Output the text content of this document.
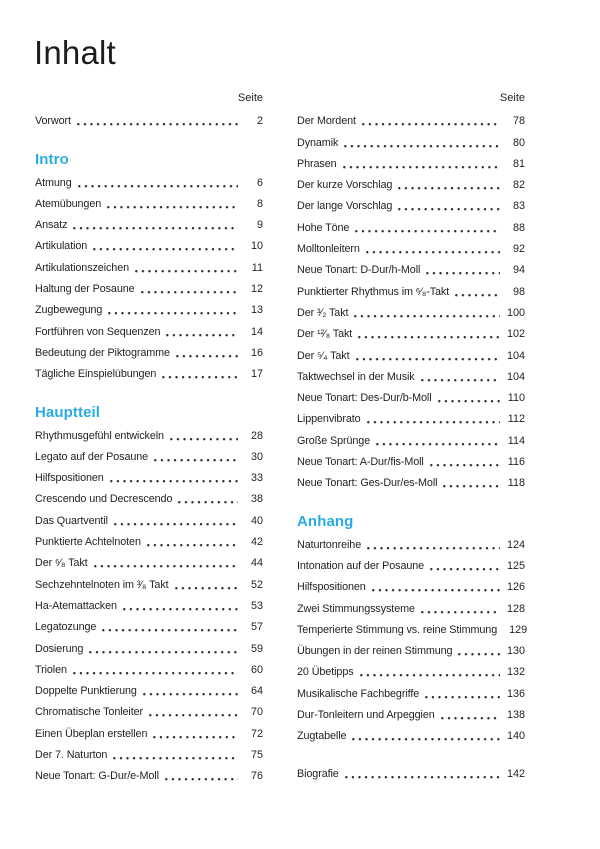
Inhalt
Seite
Vorwort	2
Intro
Atmung	6
Atemübungen	8
Ansatz	9
Artikulation	10
Artikulationszeichen	11
Haltung der Posaune	12
Zugbewegung	13
Fortführen von Sequenzen	14
Bedeutung der Piktogramme	16
Tägliche Einspielübungen	17
Hauptteil
Rhythmusgefühl entwickeln	28
Legato auf der Posaune	30
Hilfspositionen	33
Crescendo und Decrescendo	38
Das Quartventil	40
Punktierte Achtelnoten	42
Der ⁶⁄₈ Takt	44
Sechzehntelnoten im ³⁄₈ Takt	52
Ha-Atemattacken	53
Legatozunge	57
Dosierung	59
Triolen	60
Doppelte Punktierung	64
Chromatische Tonleiter	70
Einen Übeplan erstellen	72
Der 7. Naturton	75
Neue Tonart: G-Dur/e-Moll	76
Seite
Der Mordent	78
Dynamik	80
Phrasen	81
Der kurze Vorschlag	82
Der lange Vorschlag	83
Hohe Töne	88
Molltonleitern	92
Neue Tonart: D-Dur/h-Moll	94
Punktierter Rhythmus im ⁶⁄₈-Takt	98
Der ³⁄₂ Takt	100
Der ¹²⁄₈ Takt	102
Der ⁵⁄₄ Takt	104
Taktwechsel in der Musik	104
Neue Tonart: Des-Dur/b-Moll	110
Lippenvibrato	112
Große Sprünge	114
Neue Tonart: A-Dur/fis-Moll	116
Neue Tonart: Ges-Dur/es-Moll	118
Anhang
Naturtonreihe	124
Intonation auf der Posaune	125
Hilfspositionen	126
Zwei Stimmungssysteme	128
Temperierte Stimmung vs. reine Stimmung	129
Übungen in der reinen Stimmung	130
20 Übetipps	132
Musikalische Fachbegriffe	136
Dur-Tonleitern und Arpeggien	138
Zugtabelle	140
Biografie	142
